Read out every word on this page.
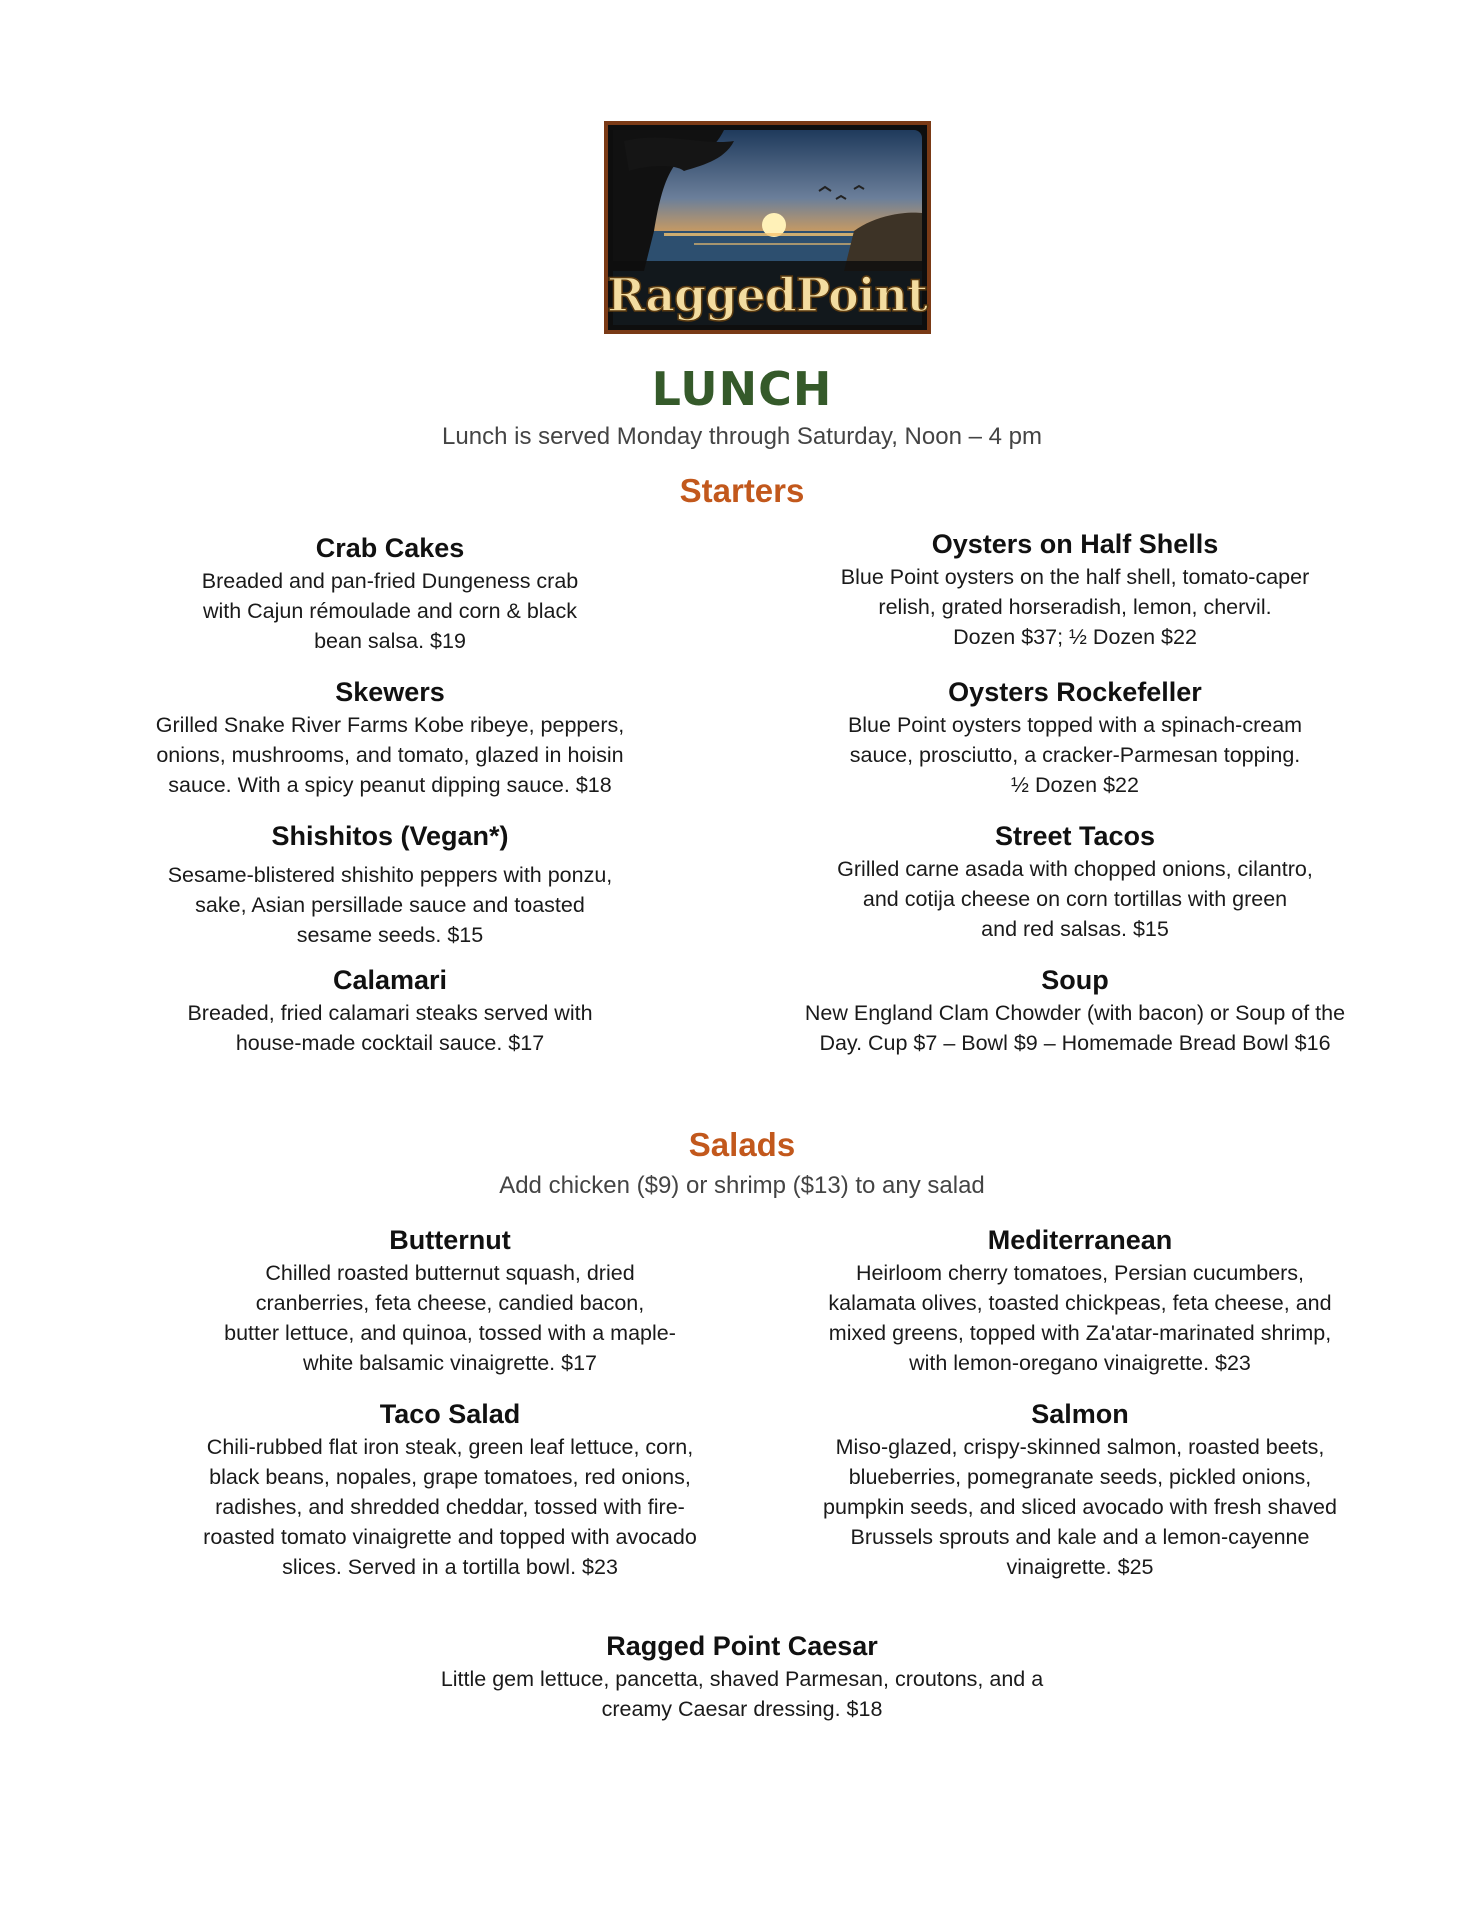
RaggedPoint
LUNCH
Lunch is served Monday through Saturday, Noon – 4 pm
Starters
Crab Cakes
Breaded and pan-fried Dungeness crab
with Cajun rémoulade and corn & black
bean salsa. $19
Skewers
Grilled Snake River Farms Kobe ribeye, peppers,
onions, mushrooms, and tomato, glazed in hoisin
sauce. With a spicy peanut dipping sauce. $18
Shishitos (Vegan*)
Sesame-blistered shishito peppers with ponzu,
sake, Asian persillade sauce and toasted
sesame seeds. $15
Calamari
Breaded, fried calamari steaks served with
house-made cocktail sauce. $17
Oysters on Half Shells
Blue Point oysters on the half shell, tomato-caper
relish, grated horseradish, lemon, chervil.
Dozen $37; ½ Dozen $22
Oysters Rockefeller
Blue Point oysters topped with a spinach-cream
sauce, prosciutto, a cracker-Parmesan topping.
½ Dozen $22
Street Tacos
Grilled carne asada with chopped onions, cilantro,
and cotija cheese on corn tortillas with green
and red salsas. $15
Soup
New England Clam Chowder (with bacon) or Soup of the
Day. Cup $7 – Bowl $9 – Homemade Bread Bowl $16
Salads
Add chicken ($9) or shrimp ($13) to any salad
Butternut
Chilled roasted butternut squash, dried
cranberries, feta cheese, candied bacon,
butter lettuce, and quinoa, tossed with a maple-
white balsamic vinaigrette. $17
Taco Salad
Chili-rubbed flat iron steak, green leaf lettuce, corn,
black beans, nopales, grape tomatoes, red onions,
radishes, and shredded cheddar, tossed with fire-
roasted tomato vinaigrette and topped with avocado
slices. Served in a tortilla bowl. $23
Mediterranean
Heirloom cherry tomatoes, Persian cucumbers,
kalamata olives, toasted chickpeas, feta cheese, and
mixed greens, topped with Za'atar-marinated shrimp,
with lemon-oregano vinaigrette. $23
Salmon
Miso-glazed, crispy-skinned salmon, roasted beets,
blueberries, pomegranate seeds, pickled onions,
pumpkin seeds, and sliced avocado with fresh shaved
Brussels sprouts and kale and a lemon-cayenne
vinaigrette. $25
Ragged Point Caesar
Little gem lettuce, pancetta, shaved Parmesan, croutons, and a
creamy Caesar dressing. $18
